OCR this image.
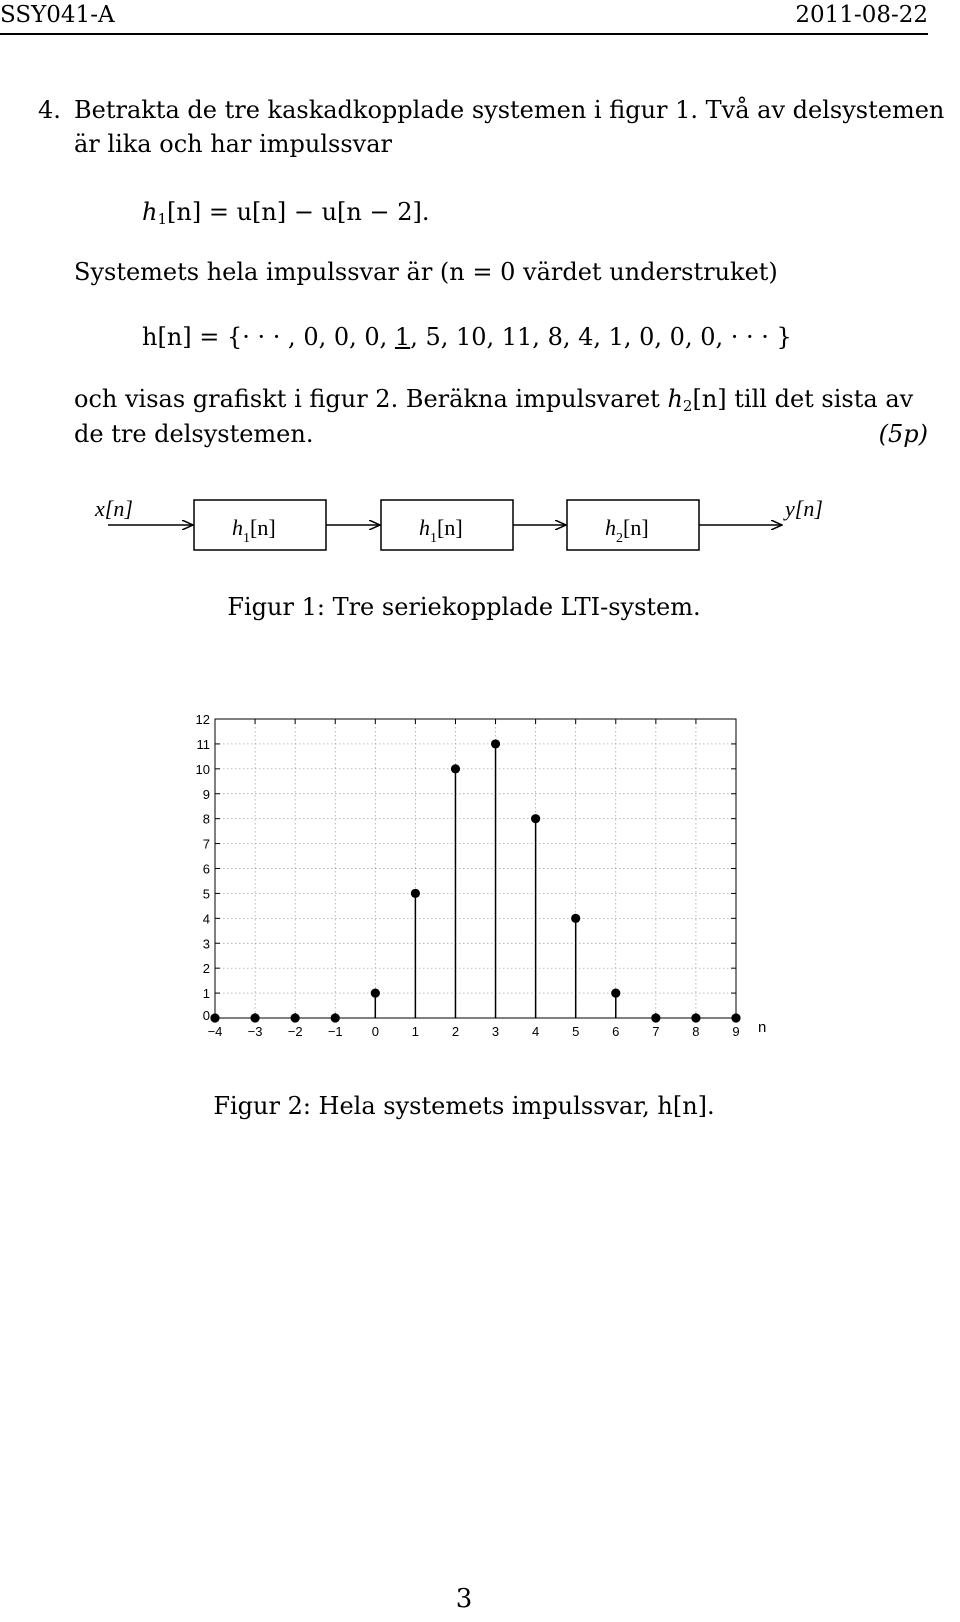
SSY041-A	2011-08-22
4. Betrakta de tre kaskadkopplade systemen i figur 1. Två av delsystemen
är lika och har impulssvar
$h_1[n] = u[n] - u[n - 2]$.
Systemets hela impulssvar är (n = 0 värdet understruket)
h[n] = {· · · , 0, 0, 0, 1, 5, 10, 11, 8, 4, 1, 0, 0, 0, · · · }
och visas grafiskt i figur 2. Beräkna impulsvaret $h_2[n]$ till det sista av
de tre delsystemen.	(5p)
x[n]
$h_1[n]$	$h_1[n]$	$h_2[n]$
y[n]
Figur 1: Tre seriekopplade LTI-system.
−4 −3 −2 −1 0	1	2	3	4	5	6	7	8	9
0
1
2
3
4
5
6
7
8
9
10
11
12
n
Figur 2: Hela systemets impulssvar, h[n].
3
